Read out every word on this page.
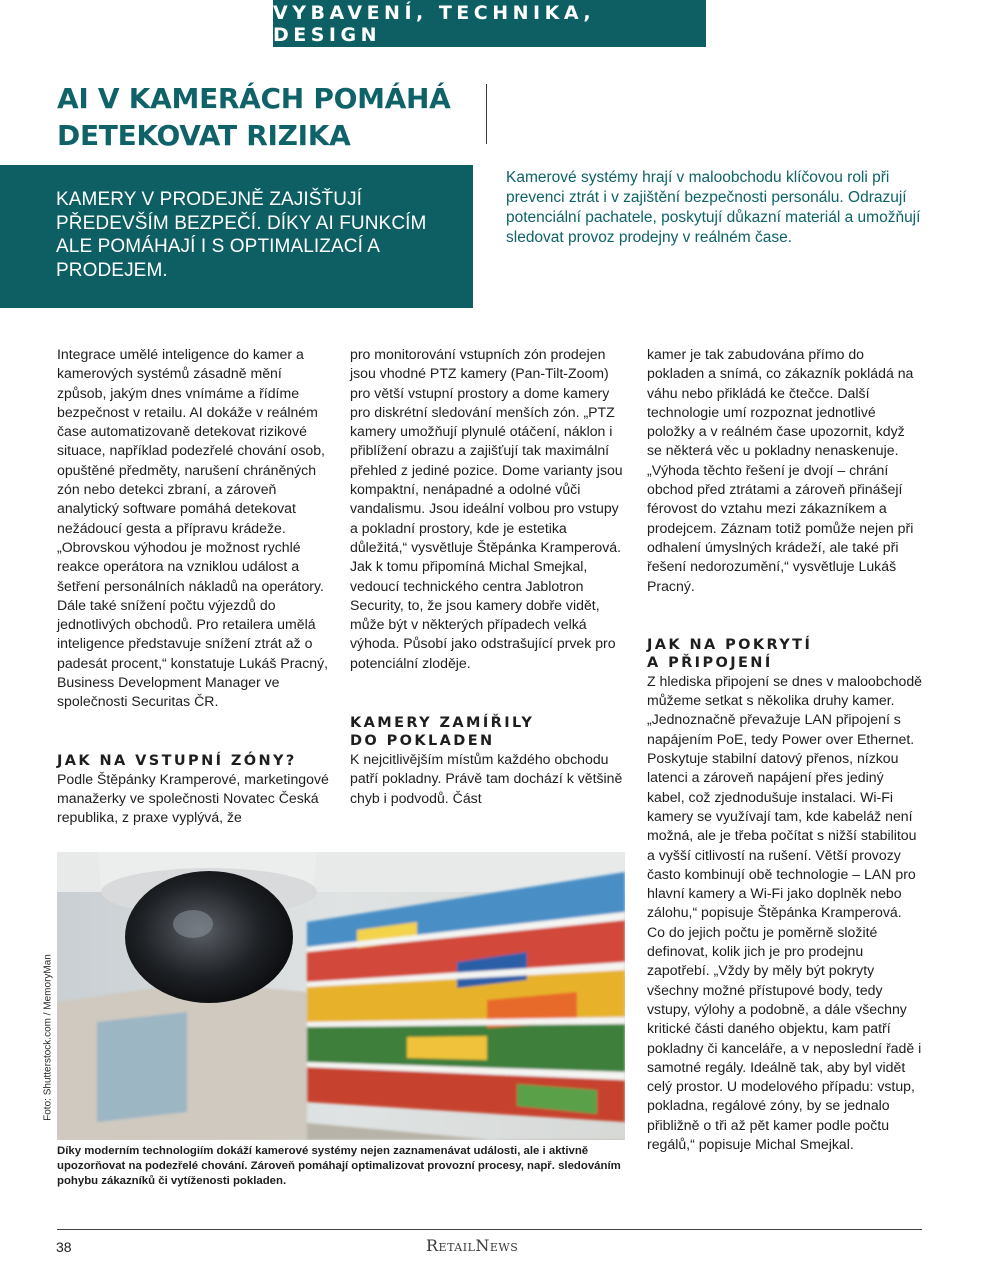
VYBAVENÍ, TECHNIKA, DESIGN
AI V KAMERÁCH POMÁHÁ
DETEKOVAT RIZIKA

KAMERY V PRODEJNĚ ZAJIŠŤUJÍ PŘEDEVŠÍM BEZPEČÍ. DÍKY AI FUNKCÍM ALE POMÁHAJÍ I S OPTIMALIZACÍ A PRODEJEM.

Kamerové systémy hrají v maloobchodu klíčovou roli při prevenci ztrát i v zajištění bezpečnosti personálu. Odrazují potenciální pachatele, poskytují důkazní materiál a umožňují sledovat provoz prodejny v reálném čase.

Integrace umělé inteligence do kamer a kamerových systémů zásadně mění způsob, jakým dnes vnímáme a řídíme bezpečnost v retailu. AI dokáže v reálném čase automatizovaně detekovat rizikové situace, například podezřelé chování osob, opuštěné předměty, narušení chráněných zón nebo detekci zbraní, a zároveň analytický software pomáhá detekovat nežádoucí gesta a přípravu krádeže. „Obrovskou výhodou je možnost rychlé reakce operátora na vzniklou událost a šetření personálních nákladů na operátory. Dále také snížení počtu výjezdů do jednotlivých obchodů. Pro retailera umělá inteligence představuje snížení ztrát až o padesát procent,“ konstatuje Lukáš Pracný, Business Development Manager ve společnosti Securitas ČR.

JAK NA VSTUPNÍ ZÓNY?

Podle Štěpánky Kramperové, marketingové manažerky ve společnosti Novatec Česká republika, z praxe vyplývá, že

pro monitorování vstupních zón prodejen jsou vhodné PTZ kamery (Pan-Tilt-Zoom) pro větší vstupní prostory a dome kamery pro diskrétní sledování menších zón. „PTZ kamery umožňují plynulé otáčení, náklon i přiblížení obrazu a zajišťují tak maximální přehled z jediné pozice. Dome varianty jsou kompaktní, nenápadné a odolné vůči vandalismu. Jsou ideální volbou pro vstupy a pokladní prostory, kde je estetika důležitá,“ vysvětluje Štěpánka Kramperová. Jak k tomu připomíná Michal Smejkal, vedoucí technického centra Jablotron Security, to, že jsou kamery dobře vidět, může být v některých případech velká výhoda. Působí jako odstrašující prvek pro potenciální zloděje.

KAMERY ZAMÍŘILY
DO POKLADEN

K nejcitlivějším místům každého obchodu patří pokladny. Právě tam dochází k většině chyb i podvodů. Část

kamer je tak zabudována přímo do pokladen a snímá, co zákazník pokládá na váhu nebo přikládá ke čtečce. Další technologie umí rozpoznat jednotlivé položky a v reálném čase upozornit, když se některá věc u pokladny nenaskenuje. „Výhoda těchto řešení je dvojí – chrání obchod před ztrátami a zároveň přinášejí férovost do vztahu mezi zákazníkem a prodejcem. Záznam totiž pomůže nejen při odhalení úmyslných krádeží, ale také při řešení nedorozumění,“ vysvětluje Lukáš Pracný.

JAK NA POKRYTÍ
A PŘIPOJENÍ

Z hlediska připojení se dnes v maloobchodě můžeme setkat s několika druhy kamer. „Jednoznačně převažuje LAN připojení s napájením PoE, tedy Power over Ethernet. Poskytuje stabilní datový přenos, nízkou latenci a zároveň napájení přes jediný kabel, což zjednodušuje instalaci. Wi-Fi kamery se využívají tam, kde kabeláž není možná, ale je třeba počítat s nižší stabilitou a vyšší citlivostí na rušení. Větší provozy často kombinují obě technologie – LAN pro hlavní kamery a Wi-Fi jako doplněk nebo zálohu,“ popisuje Štěpánka Kramperová. Co do jejich počtu je poměrně složité definovat, kolik jich je pro prodejnu zapotřebí. „Vždy by měly být pokryty všechny možné přístupové body, tedy vstupy, výlohy a podobně, a dále všechny kritické části daného objektu, kam patří pokladny či kanceláře, a v neposlední řadě i samotné regály. Ideálně tak, aby byl vidět celý prostor. U modelového případu: vstup, pokladna, regálové zóny, by se jednalo přibližně o tři až pět kamer podle počtu regálů,“ popisuje Michal Smejkal.

Foto: Shutterstock.com / MemoryMan

Díky moderním technologiím dokáží kamerové systémy nejen zaznamenávat události, ale i aktivně upozorňovat na podezřelé chování. Zároveň pomáhají optimalizovat provozní procesy, např. sledováním pohybu zákazníků či vytíženosti pokladen.

38	RetailNews
